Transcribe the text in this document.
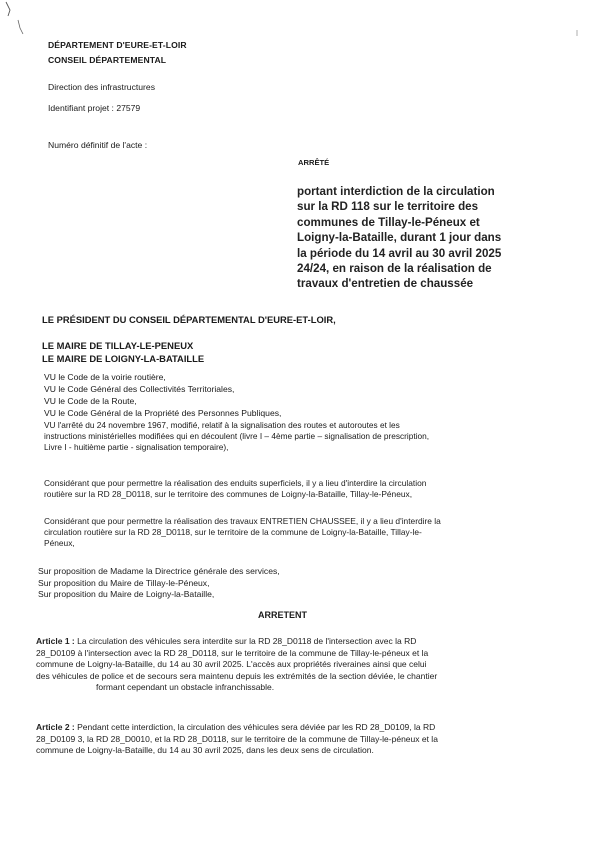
DÉPARTEMENT D'EURE-ET-LOIR
CONSEIL DÉPARTEMENTAL
Direction des infrastructures
Identifiant projet : 27579
Numéro définitif de l'acte :
ARRÊTÉ
portant interdiction de la circulation
sur la RD 118 sur le territoire des
communes de Tillay-le-Péneux et
Loigny-la-Bataille, durant 1 jour dans
la période du 14 avril au 30 avril 2025
24/24, en raison de la réalisation de
travaux d'entretien de chaussée
LE PRÉSIDENT DU CONSEIL DÉPARTEMENTAL D'EURE-ET-LOIR,
LE MAIRE DE TILLAY-LE-PENEUX
LE MAIRE DE LOIGNY-LA-BATAILLE
VU le Code de la voirie routière,
VU le Code Général des Collectivités Territoriales,
VU le Code de la Route,
VU le Code Général de la Propriété des Personnes Publiques,
VU l'arrêté du 24 novembre 1967, modifié, relatif à la signalisation des routes et autoroutes et les
instructions ministérielles modifiées qui en découlent (livre I – 4ème partie – signalisation de prescription,
Livre I - huitième partie - signalisation temporaire),
Considérant que pour permettre la réalisation des enduits superficiels, il y a lieu d'interdire la circulation
routière sur la RD 28_D0118, sur le territoire des communes de Loigny-la-Bataille, Tillay-le-Péneux,
Considérant que pour permettre la réalisation des travaux ENTRETIEN CHAUSSEE, il y a lieu d'interdire la
circulation routière sur la RD 28_D0118, sur le territoire de la commune de Loigny-la-Bataille, Tillay-le-
Péneux,
Sur proposition de Madame la Directrice générale des services,
Sur proposition du Maire de Tillay-le-Péneux,
Sur proposition du Maire de Loigny-la-Bataille,
ARRETENT
Article 1 : La circulation des véhicules sera interdite sur la RD 28_D0118 de l'intersection avec la RD
28_D0109 à l'intersection avec la RD 28_D0118, sur le territoire de la commune de Tillay-le-péneux et la
commune de Loigny-la-Bataille, du 14 au 30 avril 2025. L'accès aux propriétés riveraines ainsi que celui
des véhicules de police et de secours sera maintenu depuis les extrémités de la section déviée, le chantier
formant cependant un obstacle infranchissable.
Article 2 : Pendant cette interdiction, la circulation des véhicules sera déviée par les RD 28_D0109, la RD
28_D0109 3, la RD 28_D0010, et la RD 28_D0118, sur le territoire de la commune de Tillay-le-péneux et la
commune de Loigny-la-Bataille, du 14 au 30 avril 2025, dans les deux sens de circulation.
